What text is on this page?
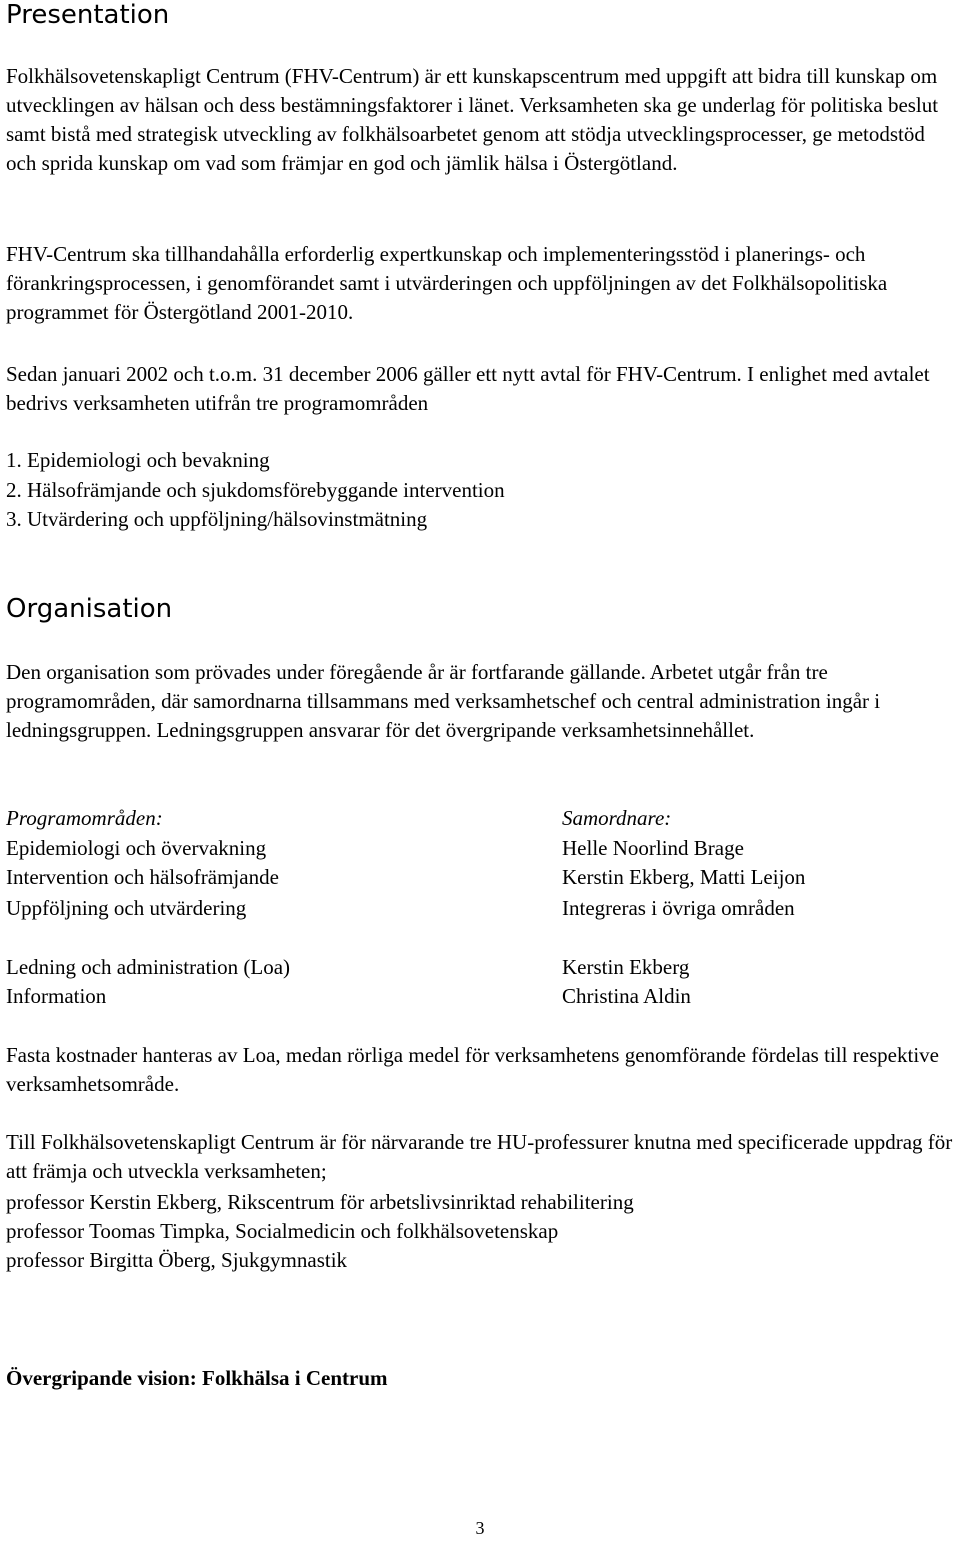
Presentation

Folkhälsovetenskapligt Centrum (FHV-Centrum) är ett kunskapscentrum med uppgift att bidra till kunskap om utvecklingen av hälsan och dess bestämningsfaktorer i länet. Verksamheten ska ge underlag för politiska beslut samt bistå med strategisk utveckling av folkhälsoarbetet genom att stödja utvecklingsprocesser, ge metodstöd och sprida kunskap om vad som främjar en god och jämlik hälsa i Östergötland.

FHV-Centrum ska tillhandahålla erforderlig expertkunskap och implementeringsstöd i planerings- och förankringsprocessen, i genomförandet samt i utvärderingen och uppföljningen av det Folkhälsopolitiska programmet för Östergötland 2001-2010.

Sedan januari 2002 och t.o.m. 31 december 2006 gäller ett nytt avtal för FHV-Centrum. I enlighet med avtalet bedrivs verksamheten utifrån tre programområden

1. Epidemiologi och bevakning
2. Hälsofrämjande och sjukdomsförebyggande intervention
3. Utvärdering och uppföljning/hälsovinstmätning
Organisation

Den organisation som prövades under föregående år är fortfarande gällande. Arbetet utgår från tre programområden, där samordnarna tillsammans med verksamhetschef och central administration ingår i ledningsgruppen. Ledningsgruppen ansvarar för det övergripande verksamhetsinnehållet.

Programområden:	Samordnare:
Epidemiologi och övervakning	Helle Noorlind Brage
Intervention och hälsofrämjande	Kerstin Ekberg, Matti Leijon
Uppföljning och utvärdering	Integreras i övriga områden
Ledning och administration (Loa)	Kerstin Ekberg
Information	Christina Aldin

Fasta kostnader hanteras av Loa, medan rörliga medel för verksamhetens genomförande fördelas till respektive verksamhetsområde.

Till Folkhälsovetenskapligt Centrum är för närvarande tre HU-professurer knutna med specificerade uppdrag för att främja och utveckla verksamheten;

professor Kerstin Ekberg, Rikscentrum för arbetslivsinriktad rehabilitering
professor Toomas Timpka, Socialmedicin och folkhälsovetenskap
professor Birgitta Öberg, Sjukgymnastik
Övergripande vision: Folkhälsa i Centrum
3
